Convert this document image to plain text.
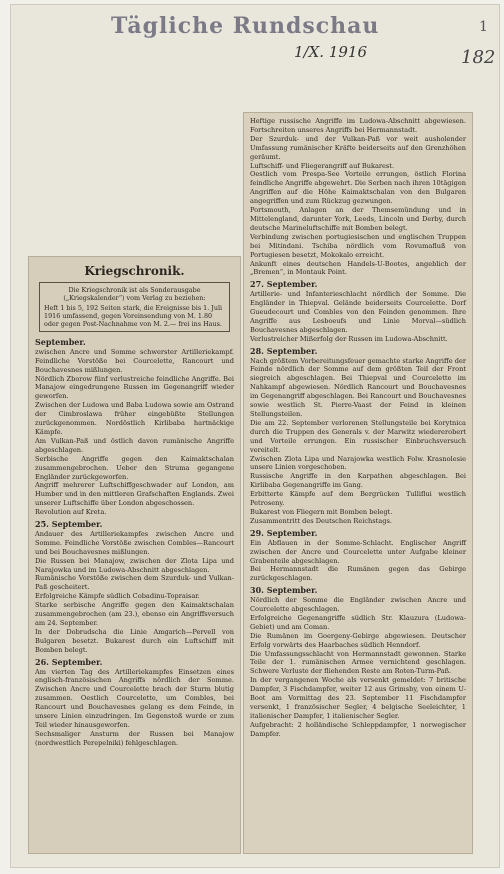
Tägliche Rundschau
1/X. 1916
1
182
Kriegschronik.
Die Kriegschronik ist als Sonderausgabe („Kriegskalender“) vom Verlag zu beziehen:
Heft 1 bis 5, 192 Seiten stark, die Ereignisse bis 1. Juli 1916 umfassend, gegen Voreinsendung von M. 1.80 oder gegen Post-Nachnahme von M. 2.— frei ins Haus.
September.

zwischen Ancre und Somme schwerster Artilleriekampf. Feindliche Vorstöße bei Courcelette, Rancourt und Bouchavesnes mißlungen.

Nördlich Zborow fünf verlustreiche feindliche Angriffe. Bei Manajow eingedrungene Russen im Gegenangriff wieder geworfen.

Zwischen der Ludowa und Baba Ludowa sowie am Ostrand der Cimbroslawa früher eingebüßte Stellungen zurückgenommen. Nordöstlich Kirlibaba hartnäckige Kämpfe.

Am Vulkan-Paß und östlich davon rumänische Angriffe abgeschlagen.

Serbische Angriffe gegen den Kaimaktschalan zusammengebrochen. Ueber den Struma gegangene Engländer zurückgeworfen.

Angriff mehrerer Luftschiffgeschwader auf London, am Humber und in den mittleren Grafschaften Englands. Zwei unserer Luftschiffe über London abgeschossen.

Revolution auf Kreta.

25. September.

Andauer des Artilleriekampfes zwischen Ancre und Somme. Feindliche Vorstöße zwischen Combles—Rancourt und bei Bouchavesnes mißlungen.

Die Russen bei Manajow, zwischen der Zlota Lipa und Narajowka und im Ludowa-Abschnitt abgeschlagen.

Rumänische Vorstöße zwischen dem Szurduk- und Vulkan-Paß gescheitert.

Erfolgreiche Kämpfe südlich Cobadinu-Topraisar.

Starke serbische Angriffe gegen den Kaimaktschalan zusammengebrochen (am 23.), ebenso ein Angriffsversuch am 24. September.

In der Dobrudscha die Linie Amgarich—Pervell von Bulgaren besetzt. Bukarest durch ein Luftschiff mit Bomben belegt.

26. September.

Am vierten Tag des Artilleriekampfes Einsetzen eines englisch-französischen Angriffs nördlich der Somme. Zwischen Ancre und Courcelette brach der Sturm blutig zusammen. Oestlich Courcelette, um Combles, bei Rancourt und Bouchavesnes gelang es dem Feinde, in unsere Linien einzudringen. Im Gegenstoß wurde er zum Teil wieder hinausgeworfen.

Sechsmaliger Ansturm der Russen bei Manajow (nordwestlich Perepelniki) fehlgeschlagen.

Heftige russische Angriffe im Ludowa-Abschnitt abgewiesen. Fortschreiten unseres Angriffs bei Hermannstadt.

Der Szurduk- und der Vulkan-Paß vor weit ausholender Umfassung rumänischer Kräfte beiderseits auf den Grenzhöhen geräumt.

Luftschiff- und Fliegerangriff auf Bukarest.

Oestlich vom Prespa-See Vorteile errungen, östlich Florina feindliche Angriffe abgewehrt. Die Serben nach ihren 10tägigen Angriffen auf die Höhe Kaimaktschalan von den Bulgaren angegriffen und zum Rückzug gezwungen.

Portsmouth, Anlagen an der Themsemündung und in Mittelengland, darunter York, Leeds, Lincoln und Derby, durch deutsche Marineluftschiffe mit Bomben belegt.

Verbindung zwischen portugiesischen und englischen Truppen bei Mitindani. Tschiba nördlich vom Rovumafluß von Portugiesen besetzt, Mokokalo erreicht.

Ankunft eines deutschen Handels-U-Bootes, angeblich der „Bremen“, in Montauk Point.

27. September.

Artillerie- und Infanterieschlacht nördlich der Somme. Die Engländer in Thiepval. Gelände beiderseits Courcelette. Dorf Gueudecourt und Combles von den Feinden genommen. Ihre Angriffe aus Lesboeufs und Linie Morval—südlich Bouchavesnes abgeschlagen.

Verlustreicher Mißerfolg der Russen im Ludowa-Abschnitt.

28. September.

Nach größtem Vorbereitungsfeuer gemachte starke Angriffe der Feinde nördlich der Somme auf dem größten Teil der Front siegreich abgeschlagen. Bei Thiepval und Courcelette im Nahkampf abgewiesen. Nördlich Rancourt und Bouchavesnes im Gegenangriff abgeschlagen. Bei Rancourt und Bouchavesnes sowie westlich St. Pierre-Vaast der Feind in kleinen Stellungsteilen.

Die am 22. September verlorenen Stellungsteile bei Korytnica durch die Truppen des Generals v. der Marwitz wiedererobert und Vorteile errungen. Ein russischer Einbruchsversuch vereitelt.

Zwischen Zlota Lipa und Narajowka westlich Folw. Krasnolesie unsere Linien vorgeschoben.

Russische Angriffe in den Karpathen abgeschlagen. Bei Kirlibaba Gegenangriffe im Gang.

Erbitterte Kämpfe auf dem Bergrücken Tulliflui westlich Petroseny.

Bukarest von Fliegern mit Bomben belegt.

Zusammentritt des Deutschen Reichstags.

29. September.

Ein Abflauen in der Somme-Schlacht. Englischer Angriff zwischen der Ancre und Courcelette unter Aufgabe kleiner Grabenteile abgeschlagen.

Bei Hermannstadt die Rumänen gegen das Gebirge zurückgeschlagen.

30. September.

Nördlich der Somme die Engländer zwischen Ancre und Courcelette abgeschlagen.

Erfolgreiche Gegenangriffe südlich Str. Klauzura (Ludowa-Gebiet) und am Coman.

Die Rumänen im Goergeny-Gebirge abgewiesen. Deutscher Erfolg vorwärts des Haarbaches südlich Henndorf.

Die Umfassungsschlacht von Hermannstadt gewonnen. Starke Teile der 1. rumänischen Armee vernichtend geschlagen. Schwere Verluste der fliehenden Reste am Roten-Turm-Paß.

In der vergangenen Woche als versenkt gemeldet: 7 britische Dampfer, 3 Fischdampfer, weiter 12 aus Grimsby, von einem U-Boot am Vormittag des 23. September 11 Fischdampfer versenkt, 1 französischer Segler, 4 belgische Seeleichter, 1 italienischer Dampfer, 1 italienischer Segler.

Aufgebracht: 2 holländische Schleppdampfer, 1 norwegischer Dampfer.
